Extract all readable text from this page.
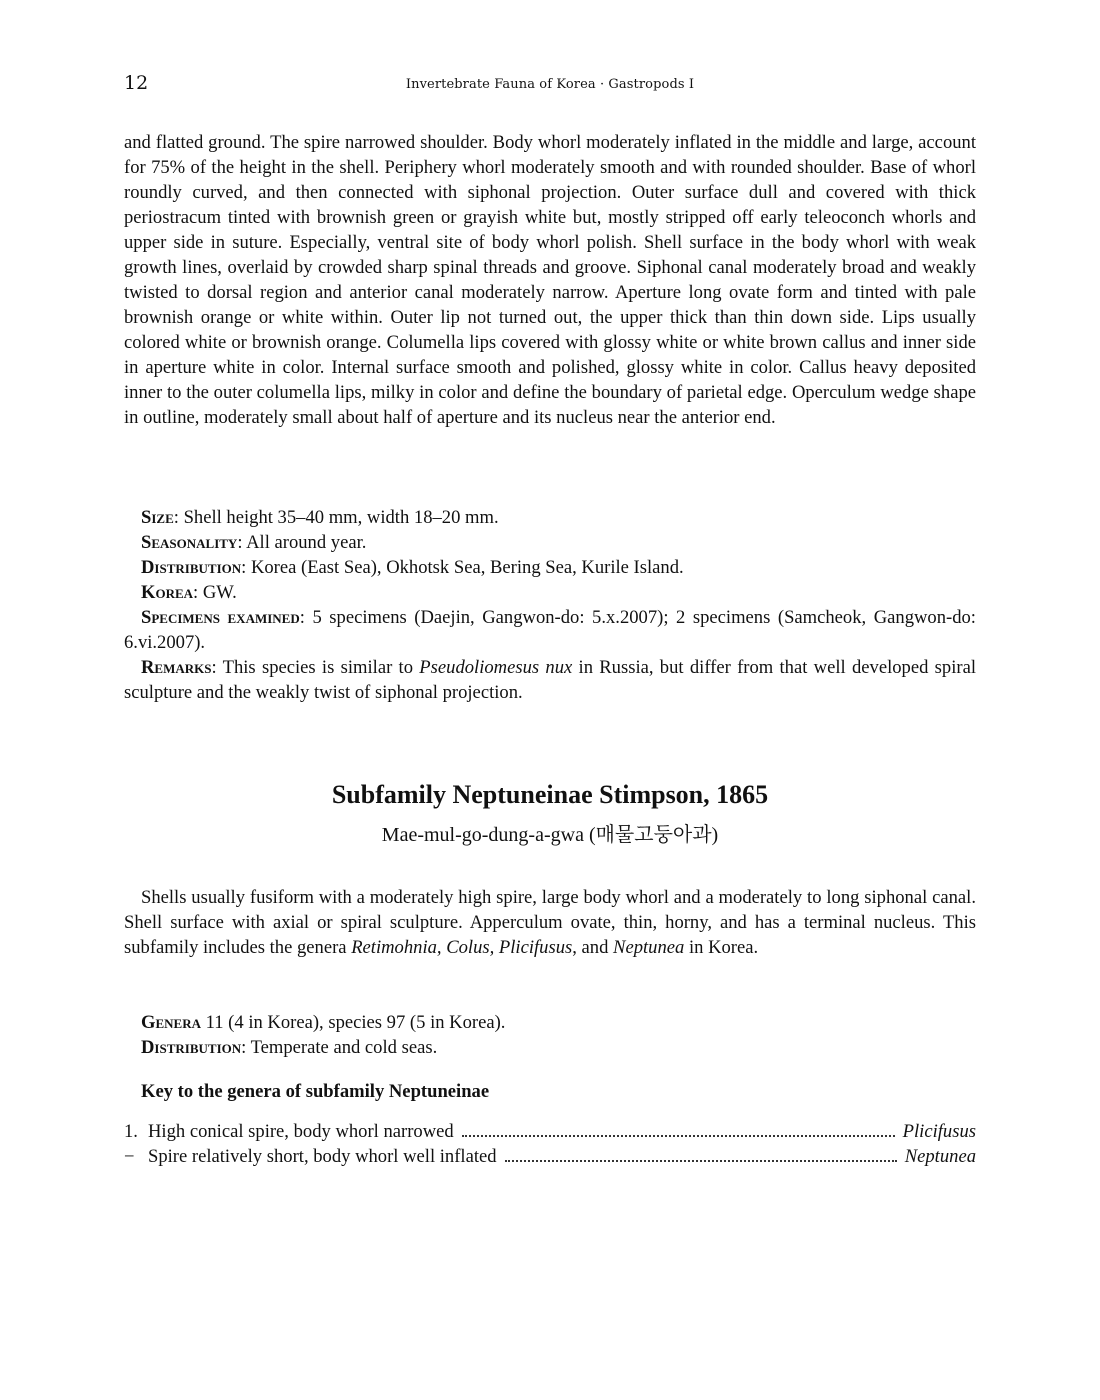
12	Invertebrate Fauna of Korea · Gastropods I

and flatted ground. The spire narrowed shoulder. Body whorl moderately inflated in the middle and large, account for 75% of the height in the shell. Periphery whorl moderately smooth and with rounded shoulder. Base of whorl roundly curved, and then connected with siphonal projection. Outer surface dull and covered with thick periostracum tinted with brownish green or grayish white but, mostly stripped off early teleoconch whorls and upper side in suture. Especially, ventral site of body whorl polish. Shell surface in the body whorl with weak growth lines, overlaid by crowded sharp spinal threads and groove. Siphonal canal moderately broad and weakly twisted to dorsal region and anterior canal moderately narrow. Aperture long ovate form and tinted with pale brownish orange or white within. Outer lip not turned out, the upper thick than thin down side. Lips usually colored white or brownish orange. Columella lips covered with glossy white or white brown callus and inner side in aperture white in color. Internal surface smooth and polished, glossy white in color. Callus heavy deposited inner to the outer columella lips, milky in color and define the boundary of parietal edge. Operculum wedge shape in outline, moderately small about half of aperture and its nucleus near the anterior end.

Size: Shell height 35–40 mm, width 18–20 mm.
Seasonality: All around year.
Distribution: Korea (East Sea), Okhotsk Sea, Bering Sea, Kurile Island.
Korea: GW.
Specimens examined: 5 specimens (Daejin, Gangwon-do: 5.x.2007); 2 specimens (Samcheok, Gangwon-do: 6.vi.2007).
Remarks: This species is similar to Pseudoliomesus nux in Russia, but differ from that well developed spiral sculpture and the weakly twist of siphonal projection.
Subfamily Neptuneinae Stimpson, 1865
Mae-mul-go-dung-a-gwa (매물고둥아과)

Shells usually fusiform with a moderately high spire, large body whorl and a moderately to long siphonal canal. Shell surface with axial or spiral sculpture. Apperculum ovate, thin, horny, and has a terminal nucleus. This subfamily includes the genera Retimohnia, Colus, Plicifusus, and Neptunea in Korea.

Genera 11 (4 in Korea), species 97 (5 in Korea).
Distribution: Temperate and cold seas.
Key to the genera of subfamily Neptuneinae
1. High conical spire, body whorl narrowed	Plicifusus
− Spire relatively short, body whorl well inflated	Neptunea
